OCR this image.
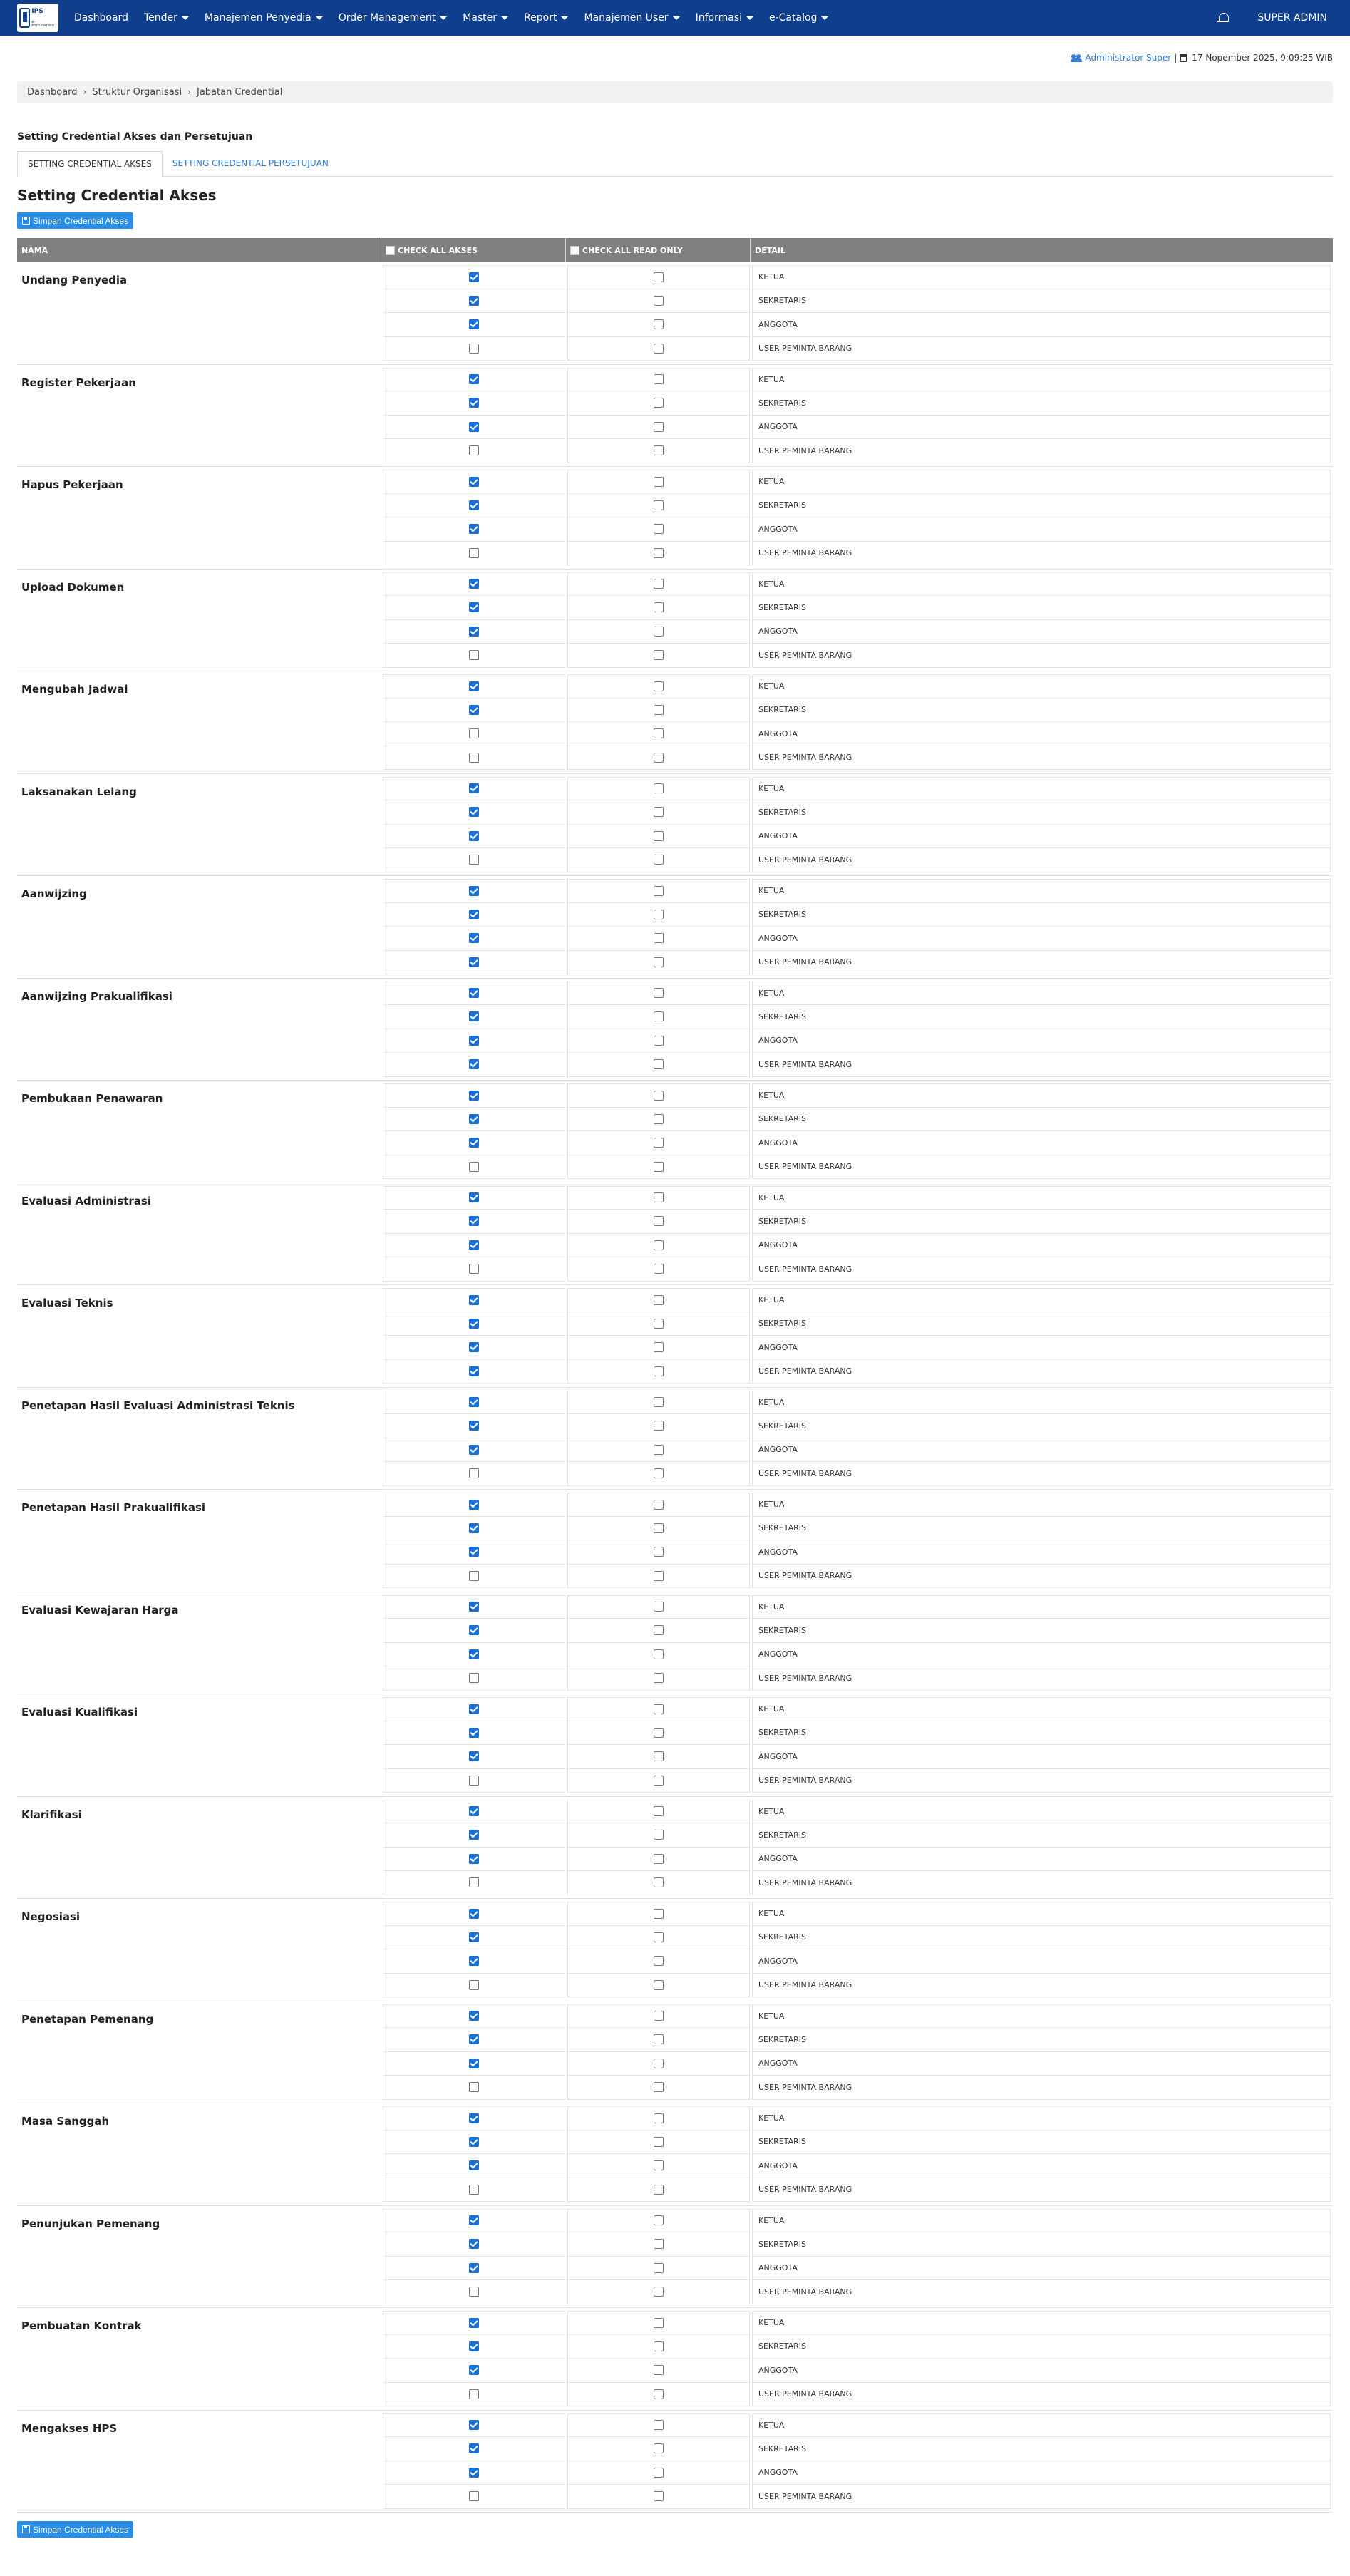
IPS
e-Procurement
Dashboard Tender	Manajemen Penyedia	Order Management	Master	Report	Manajemen User	Informasi	e-Catalog	SUPER ADMIN
Administrator Super | 17 Nopember 2025, 9:09:25 WIB
Dashboard › Struktur Organisasi › Jabatan Credential
Setting Credential Akses dan Persetujuan
SETTING CREDENTIAL AKSES	SETTING CREDENTIAL PERSETUJUAN
Setting Credential Akses
Simpan Credential Akses
NAMA	CHECK ALL AKSES	CHECK ALL READ ONLY	DETAIL
Undang Penyedia	KETUA
SEKRETARIS
ANGGOTA
USER PEMINTA BARANG
Register Pekerjaan	KETUA
SEKRETARIS
ANGGOTA
USER PEMINTA BARANG
Hapus Pekerjaan	KETUA
SEKRETARIS
ANGGOTA
USER PEMINTA BARANG
Upload Dokumen	KETUA
SEKRETARIS
ANGGOTA
USER PEMINTA BARANG
Mengubah Jadwal	KETUA
SEKRETARIS
ANGGOTA
USER PEMINTA BARANG
Laksanakan Lelang	KETUA
SEKRETARIS
ANGGOTA
USER PEMINTA BARANG
Aanwijzing	KETUA
SEKRETARIS
ANGGOTA
USER PEMINTA BARANG
Aanwijzing Prakualifikasi	KETUA
SEKRETARIS
ANGGOTA
USER PEMINTA BARANG
Pembukaan Penawaran	KETUA
SEKRETARIS
ANGGOTA
USER PEMINTA BARANG
Evaluasi Administrasi	KETUA
SEKRETARIS
ANGGOTA
USER PEMINTA BARANG
Evaluasi Teknis	KETUA
SEKRETARIS
ANGGOTA
USER PEMINTA BARANG
Penetapan Hasil Evaluasi Administrasi Teknis	KETUA
SEKRETARIS
ANGGOTA
USER PEMINTA BARANG
Penetapan Hasil Prakualifikasi	KETUA
SEKRETARIS
ANGGOTA
USER PEMINTA BARANG
Evaluasi Kewajaran Harga	KETUA
SEKRETARIS
ANGGOTA
USER PEMINTA BARANG
Evaluasi Kualifikasi	KETUA
SEKRETARIS
ANGGOTA
USER PEMINTA BARANG
Klarifikasi	KETUA
SEKRETARIS
ANGGOTA
USER PEMINTA BARANG
Negosiasi	KETUA
SEKRETARIS
ANGGOTA
USER PEMINTA BARANG
Penetapan Pemenang	KETUA
SEKRETARIS
ANGGOTA
USER PEMINTA BARANG
Masa Sanggah	KETUA
SEKRETARIS
ANGGOTA
USER PEMINTA BARANG
Penunjukan Pemenang	KETUA
SEKRETARIS
ANGGOTA
USER PEMINTA BARANG
Pembuatan Kontrak	KETUA
SEKRETARIS
ANGGOTA
USER PEMINTA BARANG
Mengakses HPS	KETUA
SEKRETARIS
ANGGOTA
USER PEMINTA BARANG
Simpan Credential Akses
